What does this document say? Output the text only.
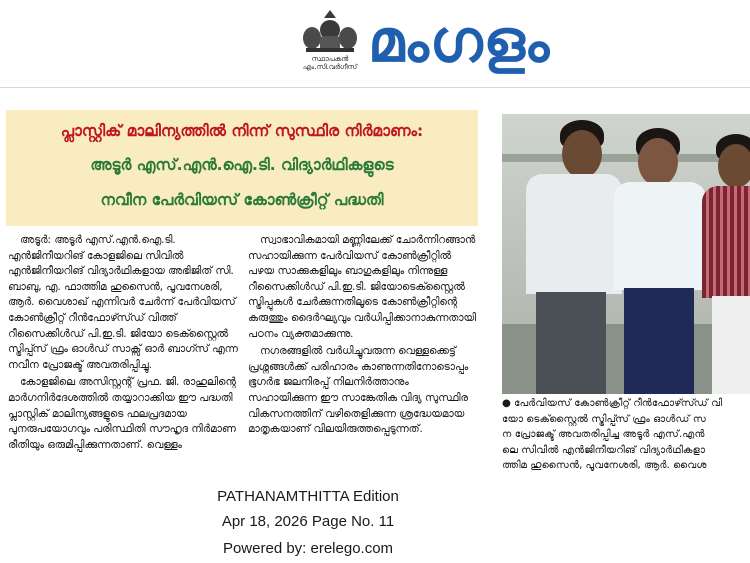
സ്ഥാപകൻ
എം.സി.വർഗീസ് മംഗളം
പ്ലാസ്റ്റിക് മാലിന്യത്തിൽ നിന്ന് സുസ്ഥിര നിർമാണം:
അടൂർ എസ്.എൻ.ഐ.ടി. വിദ്യാർഥികളുടെ
നവീന പേർവിയസ് കോൺക്രീറ്റ് പദ്ധതി

അടൂർ: അടൂർ എസ്.എൻ.ഐ.ടി. എൻജിനീയറിങ് കോളജിലെ സിവിൽ എൻജിനീയറിങ് വിദ്യാർഥികളായ അഭിജിത് സി. ബാബു, എ. ഫാത്തിമ ഹുസൈൻ, പൂവനേശരി, ആർ. വൈശാഖ് എന്നിവർ ചേർന്ന് പേർവിയസ് കോൺക്രീറ്റ് റീൻഫോഴ്സ്ഡ് വിത്ത് റീസൈക്കിൾഡ് പി.ഇ.ടി. ജിയോ ടെക്സ്റ്റൈൽ സ്ട്രിപ്പ്സ് ഫ്രം ഓൾഡ് സാക്സ് ഓർ ബാഗ്സ് എന്ന നവീന പ്രോജക്ട് അവതരിപ്പിച്ചു.

കോളജിലെ അസിസ്റ്റന്റ് പ്രഫ. ജി. രാഹുലിന്റെ മാർഗനിർദേശത്തിൽ തയ്യാറാക്കിയ ഈ പദ്ധതി പ്ലാസ്റ്റിക് മാലിന്യങ്ങളുടെ ഫലപ്രദമായ പുനരുപയോഗവും പരിസ്ഥിതി സൗഹൃദ നിർമാണ രീതിയും ഒരുമിപ്പിക്കുന്നതാണ്. വെള്ളം

സ്വാഭാവികമായി മണ്ണിലേക്ക് ചോർന്നിറങ്ങാൻ സഹായിക്കുന്ന പേർവിയസ് കോൺക്രീറ്റിൽ പഴയ സാക്കുകളിലും ബാഗുകളിലും നിന്നുള്ള റീസൈക്കിൾഡ് പി.ഇ.ടി. ജിയോടെക്സ്റ്റൈൽ സ്ട്രിപ്പുകൾ ചേർക്കുന്നതിലൂടെ കോൺക്രീറ്റിന്റെ കരുത്തും ദൈർഘ്യവും വർധിപ്പിക്കാനാകുന്നതായി പഠനം വ്യക്തമാക്കുന്നു.

നഗരങ്ങളിൽ വർധിച്ചുവരുന്ന വെള്ളക്കെട്ട് പ്രശ്നങ്ങൾക്ക് പരിഹാരം കാണുന്നതിനോടൊപ്പം ഭൂഗർഭ ജലനിരപ്പ് നിലനിർത്താനും സഹായിക്കുന്ന ഈ സാങ്കേതിക വിദ്യ സുസ്ഥിര വികസനത്തിന് വഴിതെളിക്കുന്ന ശ്രദ്ധേയമായ മാതൃകയാണ് വിലയിരുത്തപ്പെടുന്നത്.

● പേർവിയസ് കോൺക്രീറ്റ് റീൻഫോഴ്സ്ഡ് വി
യോ ടെക്സ്റ്റൈൽ സ്ട്രിപ്പ്സ് ഫ്രം ഓൾഡ് സ
ന പ്രോജക്ട് അവതരിപ്പിച്ച അടൂർ എസ്.എൻ
ലെ സിവിൽ എൻജിനീയറിങ് വിദ്യാർഥികളാ
ത്തിമ ഹുസൈൻ, പൂവനേശരി, ആർ. വൈശ
PATHANAMTHITTA Edition
Apr 18, 2026 Page No. 11
Powered by: erelego.com
